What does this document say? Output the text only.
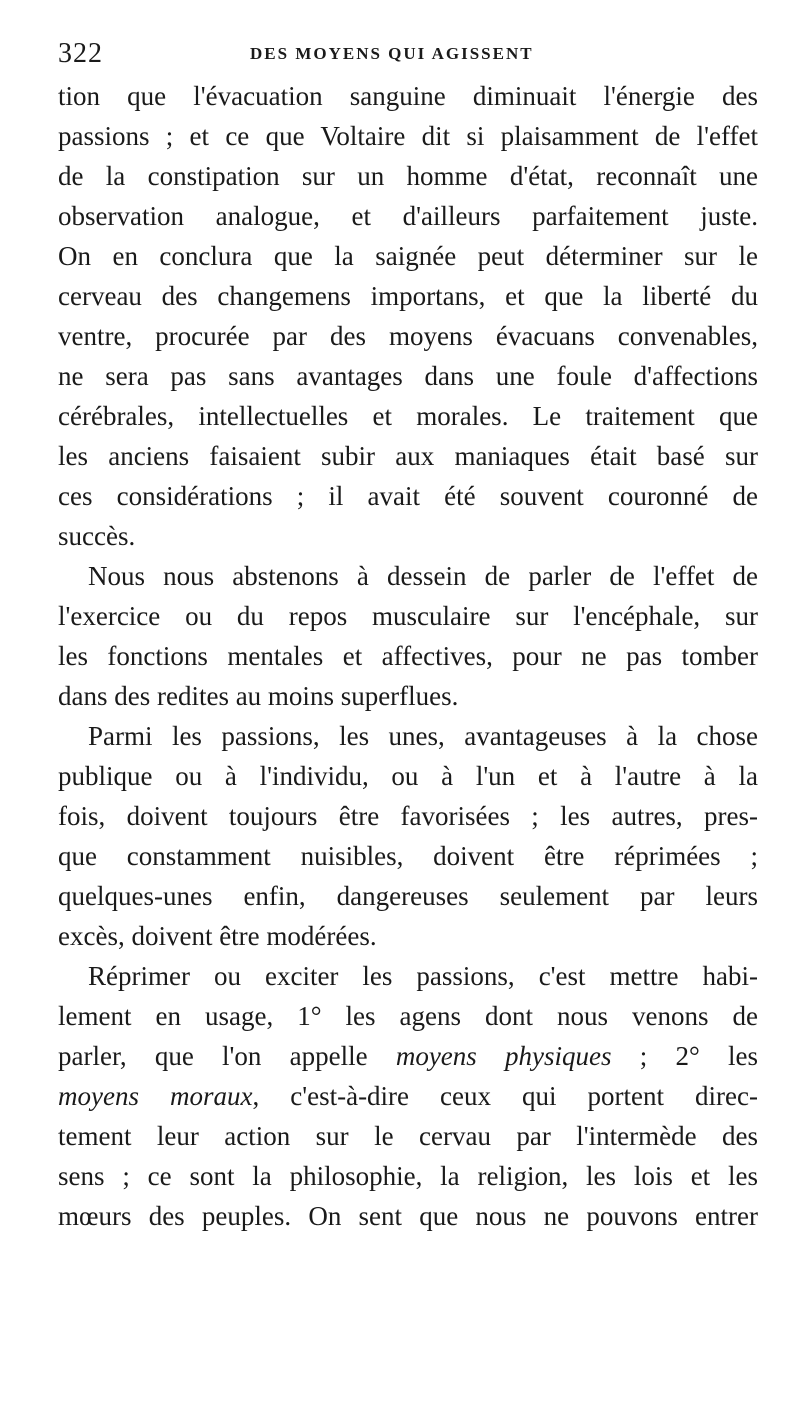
322	DES MOYENS QUI AGISSENT
tion que l'évacuation sanguine diminuait l'énergie des
passions ; et ce que Voltaire dit si plaisamment de l'effet
de la constipation sur un homme d'état, reconnaît une
observation analogue, et d'ailleurs parfaitement juste.
On en conclura que la saignée peut déterminer sur le
cerveau des changemens importans, et que la liberté du
ventre, procurée par des moyens évacuans convenables,
ne sera pas sans avantages dans une foule d'affections
cérébrales, intellectuelles et morales. Le traitement que
les anciens faisaient subir aux maniaques était basé sur
ces considérations ; il avait été souvent couronné de
succès.
Nous nous abstenons à dessein de parler de l'effet de
l'exercice ou du repos musculaire sur l'encéphale, sur
les fonctions mentales et affectives, pour ne pas tomber
dans des redites au moins superflues.
Parmi les passions, les unes, avantageuses à la chose
publique ou à l'individu, ou à l'un et à l'autre à la
fois, doivent toujours être favorisées ; les autres, pres-
que constamment nuisibles, doivent être réprimées ;
quelques-unes enfin, dangereuses seulement par leurs
excès, doivent être modérées.
Réprimer ou exciter les passions, c'est mettre habi-
lement en usage, 1° les agens dont nous venons de
parler, que l'on appelle moyens physiques ; 2° les
moyens moraux, c'est-à-dire ceux qui portent direc-
tement leur action sur le cervau par l'intermède des
sens ; ce sont la philosophie, la religion, les lois et les
mœurs des peuples. On sent que nous ne pouvons entrer
